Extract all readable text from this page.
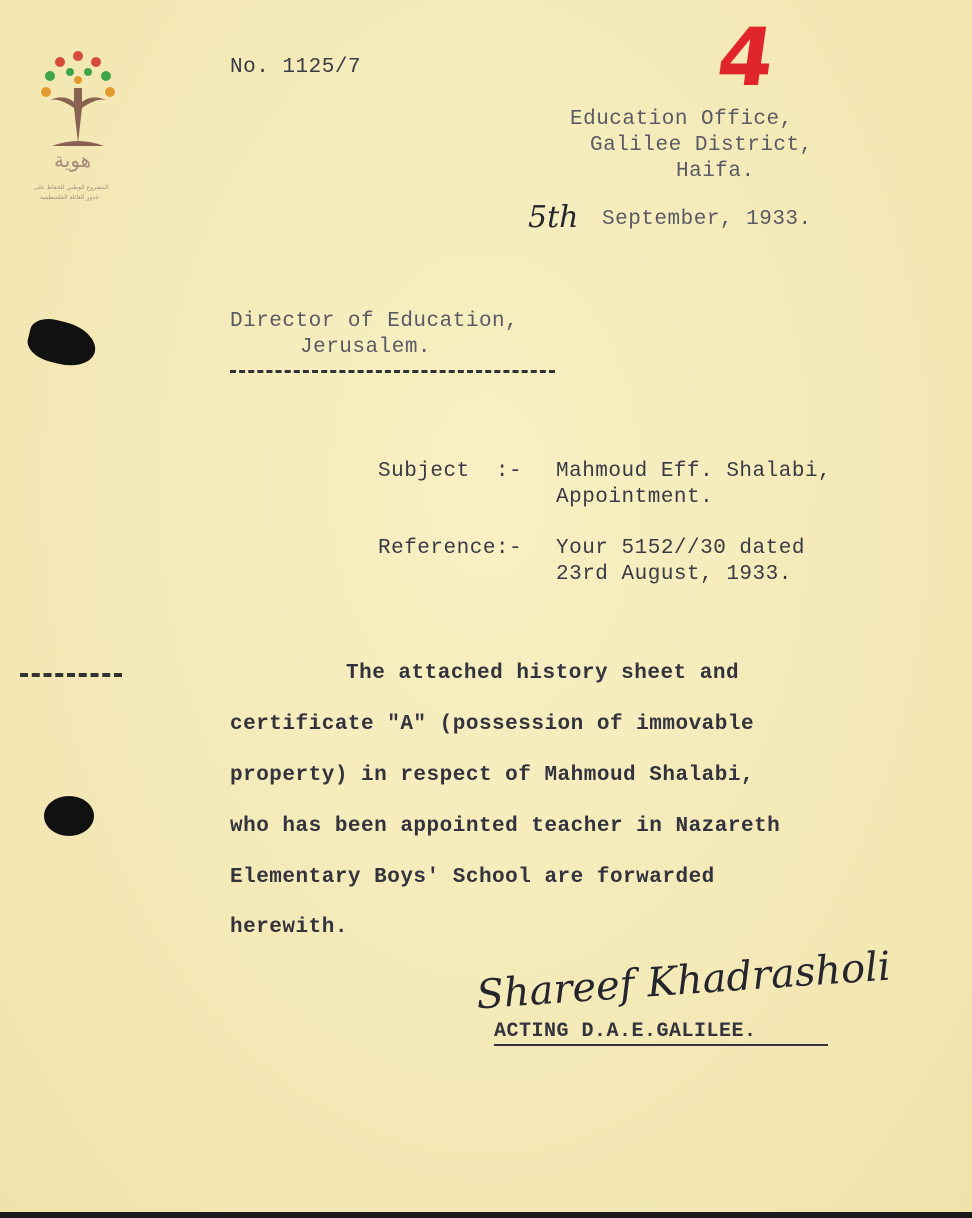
هوية
المشروع الوطني للحفاظ على
جذور العائلة الفلسطينية
4
No. 1125/7
Education Office,
Galilee District,
Haifa.
5th September, 1933.
Director of Education,
Jerusalem.
Subject  :- Mahmoud Eff. Shalabi,
Appointment.
Reference:- Your 5152//30 dated
23rd August, 1933.
The attached history sheet and
certificate "A" (possession of immovable
property) in respect of Mahmoud Shalabi,
who has been appointed teacher in Nazareth
Elementary Boys' School are forwarded
herewith.
Shareef Khadrasholi
ACTING D.A.E.GALILEE.
